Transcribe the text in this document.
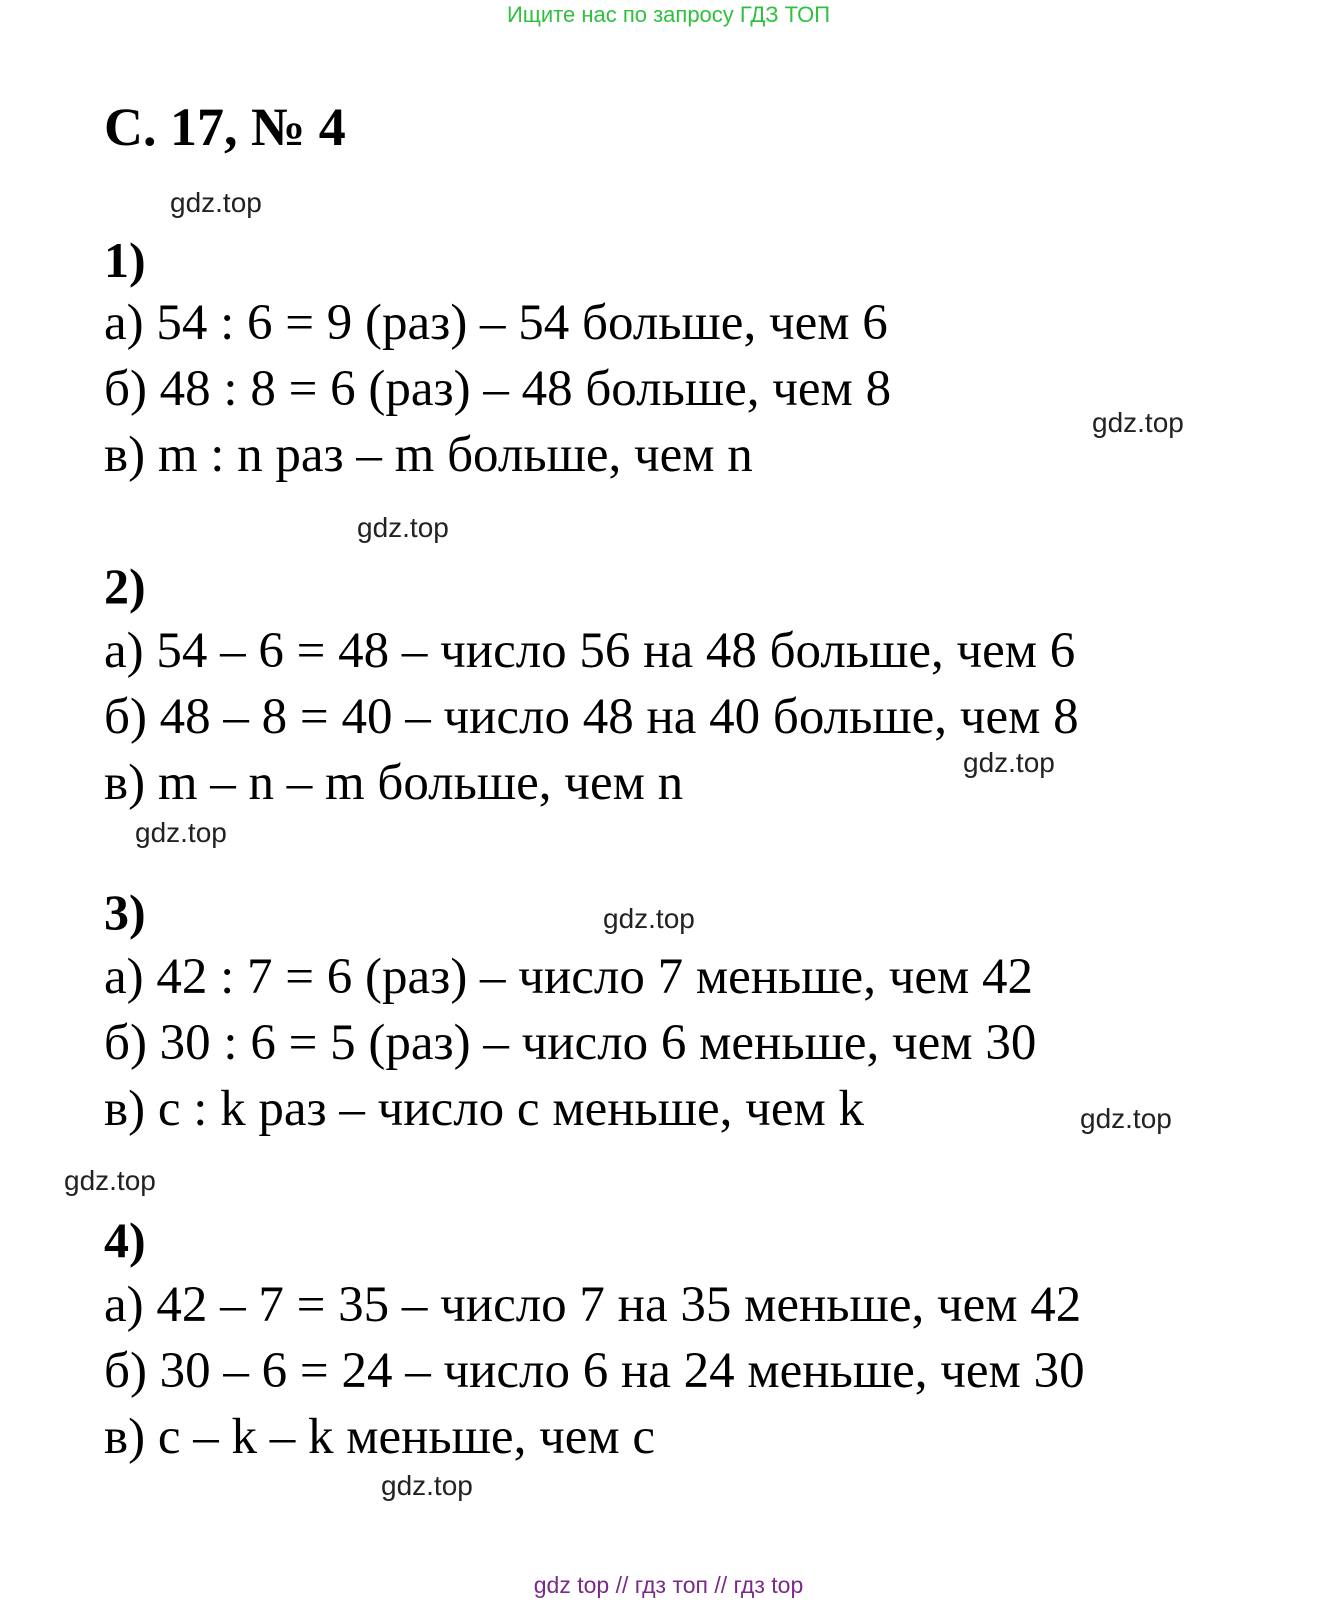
Ищите нас по запросу ГДЗ ТОП
С. 17, № 4
1)
а) 54 : 6 = 9 (раз) – 54 больше, чем 6
б) 48 : 8 = 6 (раз) – 48 больше, чем 8
в) m : n раз – m больше, чем n
2)
а) 54 – 6 = 48 – число 56 на 48 больше, чем 6
б) 48 – 8 = 40 – число 48 на 40 больше, чем 8
в) m – n – m больше, чем n
3)
а) 42 : 7 = 6 (раз) – число 7 меньше, чем 42
б) 30 : 6 = 5 (раз) – число 6 меньше, чем 30
в) c : k раз – число c меньше, чем k
4)
а) 42 – 7 = 35 – число 7 на 35 меньше, чем 42
б) 30 – 6 = 24 – число 6 на 24 меньше, чем 30
в) c – k – k меньше, чем c
gdz.top
gdz.top
gdz.top
gdz.top
gdz.top
gdz.top
gdz.top
gdz.top
gdz.top
gdz top // гдз топ // гдз top
